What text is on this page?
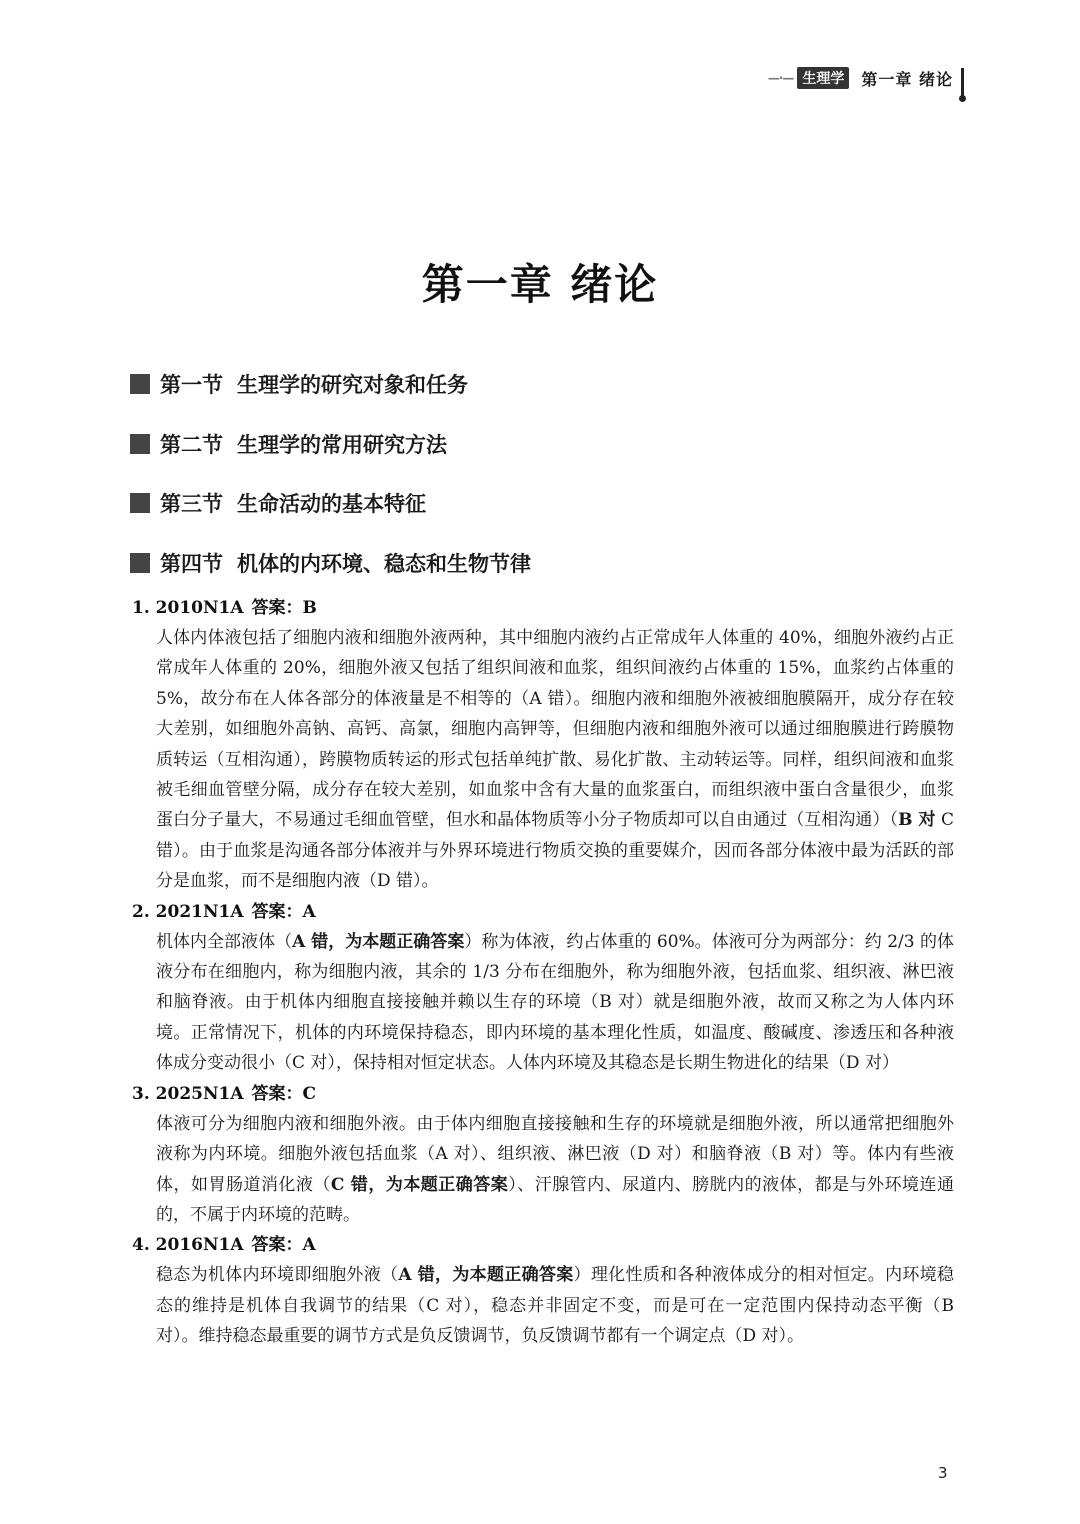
—·— 生理学	第一章 绪论
第一章 绪论
第一节 生理学的研究对象和任务
第二节 生理学的常用研究方法
第三节 生命活动的基本特征
第四节 机体的内环境、稳态和生物节律
1. 2010N1A 答案：B
人体内体液包括了细胞内液和细胞外液两种，其中细胞内液约占正常成年人体重的 40%，细胞外液约占正常成年人体重的 20%，细胞外液又包括了组织间液和血浆，组织间液约占体重的 15%，血浆约占体重的 5%，故分布在人体各部分的体液量是不相等的（A 错）。细胞内液和细胞外液被细胞膜隔开，成分存在较大差别，如细胞外高钠、高钙、高氯，细胞内高钾等，但细胞内液和细胞外液可以通过细胞膜进行跨膜物质转运（互相沟通），跨膜物质转运的形式包括单纯扩散、易化扩散、主动转运等。同样，组织间液和血浆被毛细血管壁分隔，成分存在较大差别，如血浆中含有大量的血浆蛋白，而组织液中蛋白含量很少，血浆蛋白分子量大，不易通过毛细血管壁，但水和晶体物质等小分子物质却可以自由通过（互相沟通）（B 对 C 错）。由于血浆是沟通各部分体液并与外界环境进行物质交换的重要媒介，因而各部分体液中最为活跃的部分是血浆，而不是细胞内液（D 错）。
2. 2021N1A 答案：A
机体内全部液体（A 错，为本题正确答案）称为体液，约占体重的 60%。体液可分为两部分：约 2/3 的体液分布在细胞内，称为细胞内液，其余的 1/3 分布在细胞外，称为细胞外液，包括血浆、组织液、淋巴液和脑脊液。由于机体内细胞直接接触并赖以生存的环境（B 对）就是细胞外液，故而又称之为人体内环境。正常情况下，机体的内环境保持稳态，即内环境的基本理化性质，如温度、酸碱度、渗透压和各种液体成分变动很小（C 对），保持相对恒定状态。人体内环境及其稳态是长期生物进化的结果（D 对）
3. 2025N1A 答案：C
体液可分为细胞内液和细胞外液。由于体内细胞直接接触和生存的环境就是细胞外液，所以通常把细胞外液称为内环境。细胞外液包括血浆（A 对）、组织液、淋巴液（D 对）和脑脊液（B 对）等。体内有些液体，如胃肠道消化液（C 错，为本题正确答案）、汗腺管内、尿道内、膀胱内的液体，都是与外环境连通的，不属于内环境的范畴。
4. 2016N1A 答案：A
稳态为机体内环境即细胞外液（A 错，为本题正确答案）理化性质和各种液体成分的相对恒定。内环境稳态的维持是机体自我调节的结果（C 对），稳态并非固定不变，而是可在一定范围内保持动态平衡（B 对）。维持稳态最重要的调节方式是负反馈调节，负反馈调节都有一个调定点（D 对）。
3
